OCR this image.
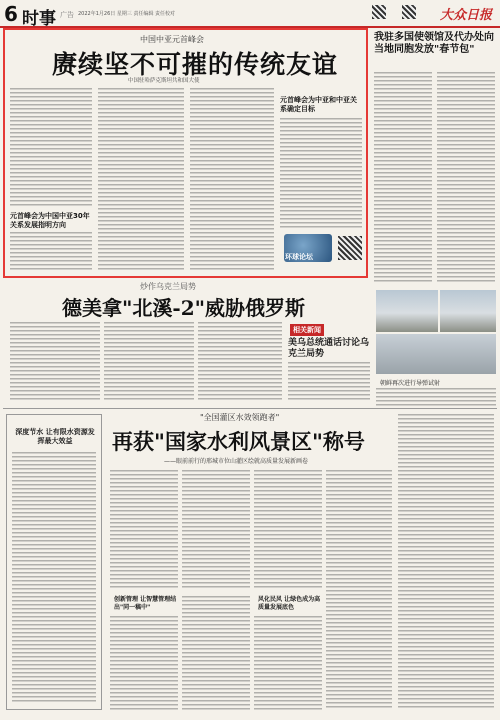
6 时事 广告 2022年1月26日 星期三 责任编辑 责任校对	大众日报
中国中亚元首峰会
赓续坚不可摧的传统友谊
中国驻哈萨克斯坦共和国大使
元首峰会为中国中亚30年关系发展指明方向
元首峰会为中亚和中亚关系确定目标
环球论坛
我驻多国使领馆及代办处向当地同胞发放"春节包"
炒作乌克兰局势
德美拿"北溪-2"威胁俄罗斯
相关新闻
美乌总统通话讨论乌克兰局势
朝鲜再次进行导弹试射

深度节水 让有限水资源发挥最大效益
"全国灌区水效领跑者"
再获"国家水利风景区"称号
——眼前前行的邢城市位山灌区绘就高质量发展新画卷
创新管理 让智慧管理结出"同一稿中"
风化民风 让绿色成为高质量发展底色
